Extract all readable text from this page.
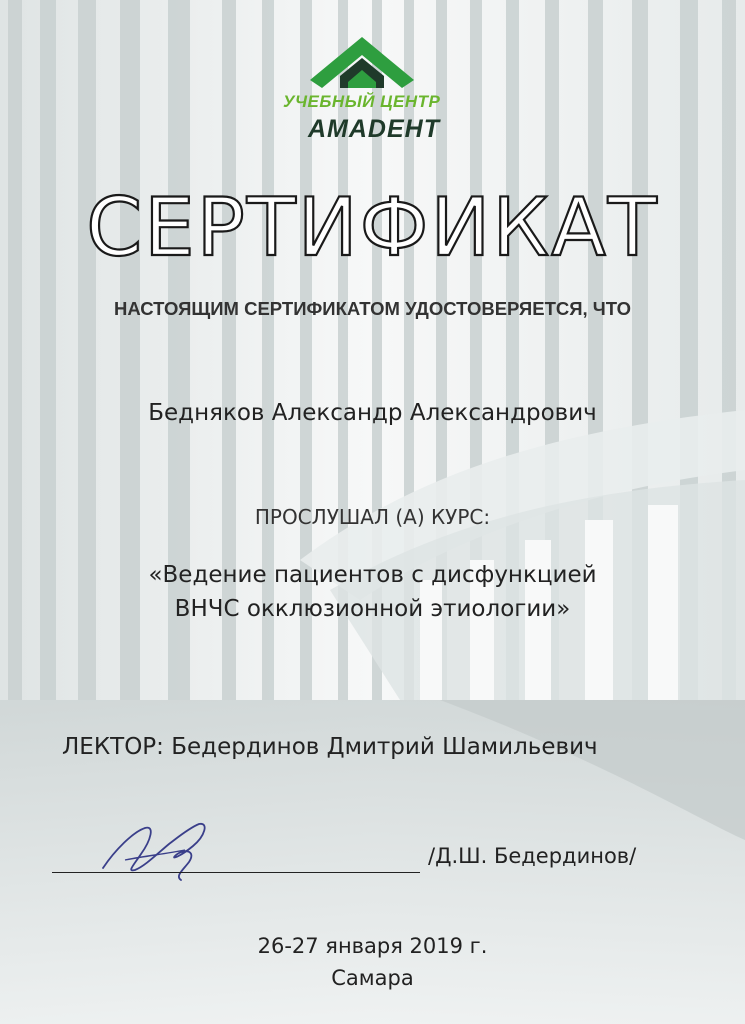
УЧЕБНЫЙ ЦЕНТР
AMADEНТ
СЕРТИФИКАТ
НАСТОЯЩИМ СЕРТИФИКАТОМ УДОСТОВЕРЯЕТСЯ, ЧТО
Бедняков Александр Александрович
ПРОСЛУШАЛ (А) КУРС:
«Ведение пациентов с дисфункцией
ВНЧС окклюзионной этиологии»
ЛЕКТОР: Бедердинов Дмитрий Шамильевич
/Д.Ш. Бедердинов/
26-27 января 2019 г.
Самара
